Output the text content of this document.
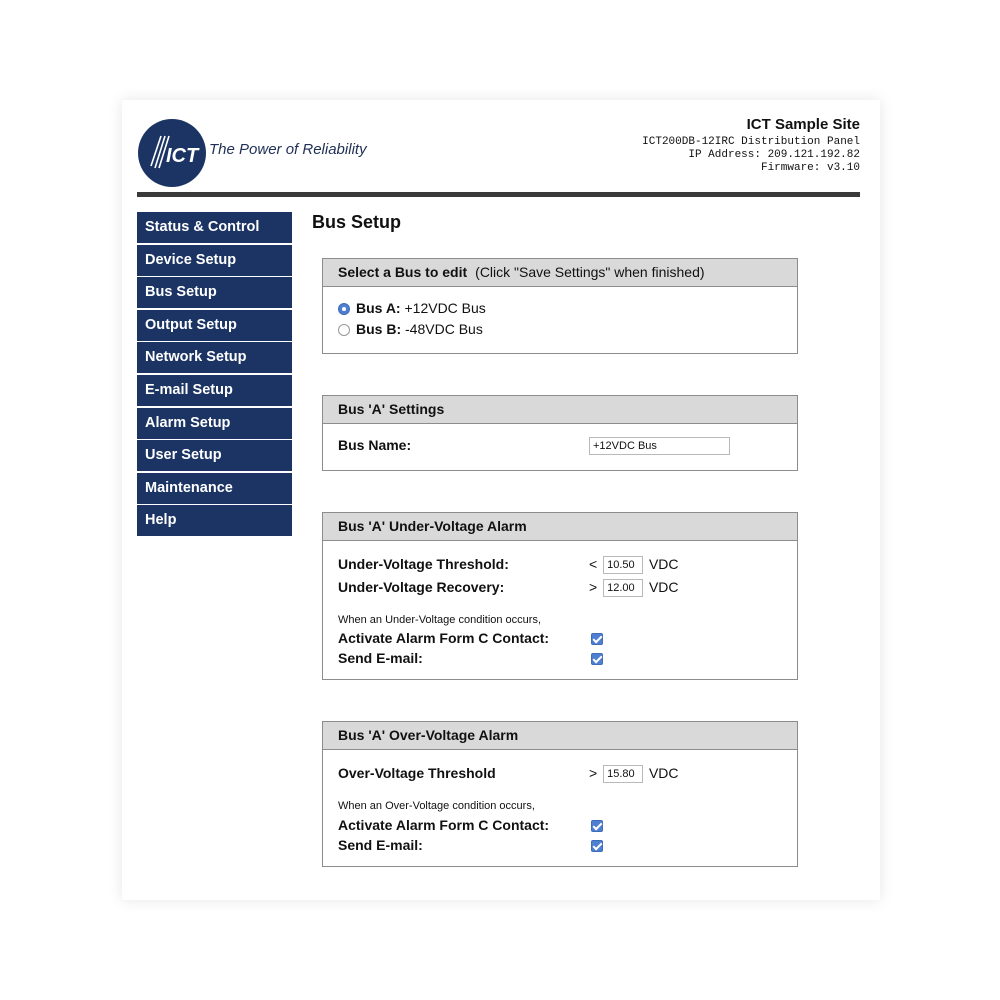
ICT The Power of Reliability
ICT Sample Site
ICT200DB-12IRC Distribution Panel
IP Address: 209.121.192.82
Firmware: v3.10
Status & Control
Device Setup
Bus Setup
Output Setup
Network Setup
E-mail Setup
Alarm Setup
User Setup
Maintenance
Help
Bus Setup
Select a Bus to edit (Click "Save Settings" when finished)
Bus A: +12VDC Bus
Bus B: -48VDC Bus
Bus 'A' Settings
Bus Name:	+12VDC Bus
Bus 'A' Under-Voltage Alarm
Under-Voltage Threshold:	< 10.50 VDC
Under-Voltage Recovery:	> 12.00 VDC
When an Under-Voltage condition occurs,
Activate Alarm Form C Contact:
Send E-mail:
Bus 'A' Over-Voltage Alarm
Over-Voltage Threshold	> 15.80 VDC
When an Over-Voltage condition occurs,
Activate Alarm Form C Contact:
Send E-mail:
